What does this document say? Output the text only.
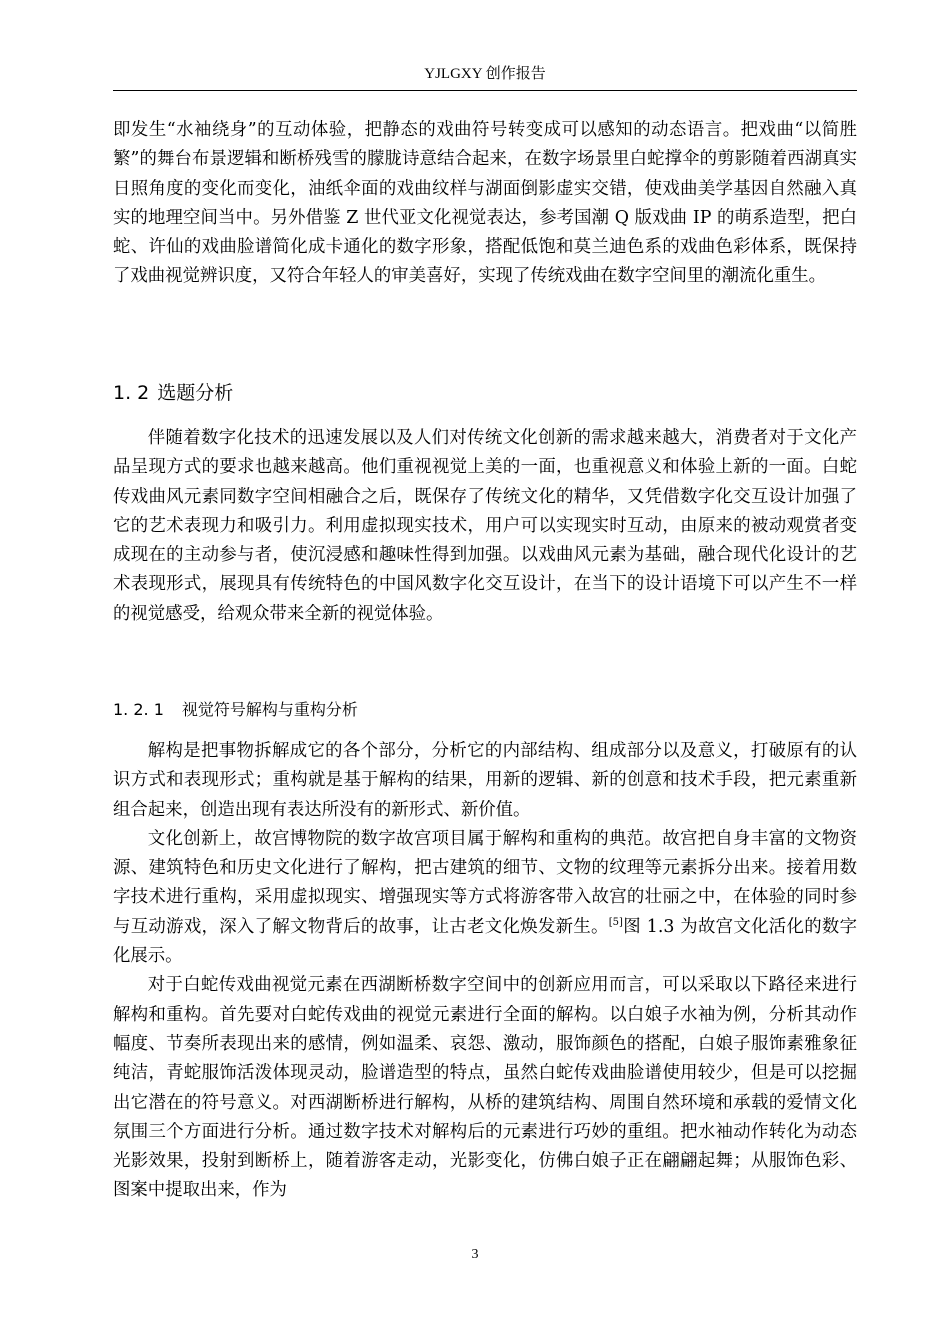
YJLGXY 创作报告

即发生“水袖绕身”的互动体验，把静态的戏曲符号转变成可以感知的动态语言。把戏曲“以简胜繁”的舞台布景逻辑和断桥残雪的朦胧诗意结合起来，在数字场景里白蛇撑伞的剪影随着西湖真实日照角度的变化而变化，油纸伞面的戏曲纹样与湖面倒影虚实交错，使戏曲美学基因自然融入真实的地理空间当中。另外借鉴 Z 世代亚文化视觉表达，参考国潮 Q 版戏曲 IP 的萌系造型，把白蛇、许仙的戏曲脸谱简化成卡通化的数字形象，搭配低饱和莫兰迪色系的戏曲色彩体系，既保持了戏曲视觉辨识度，又符合年轻人的审美喜好，实现了传统戏曲在数字空间里的潮流化重生。

1. 2 选题分析

伴随着数字化技术的迅速发展以及人们对传统文化创新的需求越来越大，消费者对于文化产品呈现方式的要求也越来越高。他们重视视觉上美的一面，也重视意义和体验上新的一面。白蛇传戏曲风元素同数字空间相融合之后，既保存了传统文化的精华，又凭借数字化交互设计加强了它的艺术表现力和吸引力。利用虚拟现实技术，用户可以实现实时互动，由原来的被动观赏者变成现在的主动参与者，使沉浸感和趣味性得到加强。以戏曲风元素为基础，融合现代化设计的艺术表现形式，展现具有传统特色的中国风数字化交互设计，在当下的设计语境下可以产生不一样的视觉感受，给观众带来全新的视觉体验。

1. 2. 1 视觉符号解构与重构分析

解构是把事物拆解成它的各个部分，分析它的内部结构、组成部分以及意义，打破原有的认识方式和表现形式；重构就是基于解构的结果，用新的逻辑、新的创意和技术手段，把元素重新组合起来，创造出现有表达所没有的新形式、新价值。

文化创新上，故宫博物院的数字故宫项目属于解构和重构的典范。故宫把自身丰富的文物资源、建筑特色和历史文化进行了解构，把古建筑的细节、文物的纹理等元素拆分出来。接着用数字技术进行重构，采用虚拟现实、增强现实等方式将游客带入故宫的壮丽之中，在体验的同时参与互动游戏，深入了解文物背后的故事，让古老文化焕发新生。[5]图 1.3 为故宫文化活化的数字化展示。

对于白蛇传戏曲视觉元素在西湖断桥数字空间中的创新应用而言，可以采取以下路径来进行解构和重构。首先要对白蛇传戏曲的视觉元素进行全面的解构。以白娘子水袖为例，分析其动作幅度、节奏所表现出来的感情，例如温柔、哀怨、激动，服饰颜色的搭配，白娘子服饰素雅象征纯洁，青蛇服饰活泼体现灵动，脸谱造型的特点，虽然白蛇传戏曲脸谱使用较少，但是可以挖掘出它潜在的符号意义。对西湖断桥进行解构，从桥的建筑结构、周围自然环境和承载的爱情文化氛围三个方面进行分析。通过数字技术对解构后的元素进行巧妙的重组。把水袖动作转化为动态光影效果，投射到断桥上，随着游客走动，光影变化，仿佛白娘子正在翩翩起舞；从服饰色彩、图案中提取出来，作为

3
